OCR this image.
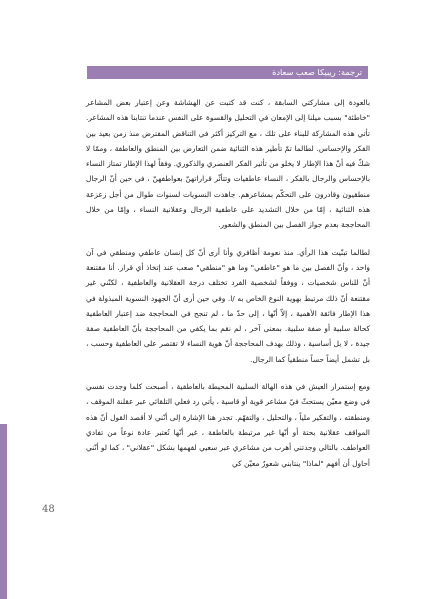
ترجمة: ريبيكا صعب سعادة

بالعودة إلى مشاركتي السابقة ، كنت قد كتبت عن الهشاشة وعن إعتبار بعض المشاعر "خاطئة" بسبب ميلنا إلى الإمعان في التحليل والقسوة على النفس عندما تنتابنا هذه المشاعر. تأتي هذه المشاركة للبناء على تلك ، مع التركيز أكثر في التناقض المفترض منذ زمن بعيد بين الفكر والإحساس. لطالما تمّ تأطير هذه الثنائية ضمن التعارض بين المنطق والعاطفة ، وممّا لا شكّ فيه أنّ هذا الإطار لا يخلو من تأثير الفكر العنصري والذكوري. وفقاً لهذا الإطار تمتاز النساء بالإحساس والرجال بالفكر ، النساء عاطفيات وتتأثّر قراراتهنّ بعواطفهنّ ، في حين أنّ الرجال منطقيون وقادرون على التحكّم بمشاعرهم. جاهدت النسويات لسنوات طوال من أجل زعزعة هذه الثنائية ، إمّا من خلال التشديد على عاطفية الرجال وعقلانية النساء ، وإمّا من خلال المحاججة بعدم جواز الفصل بين المنطق والشعور.

لطالما تبنّيت هذا الرأي. منذ نعومة أظافري وأنا أرى أنّ كل إنسان عاطفي ومنطقي في آن واحد ، وأنّ الفصل بين ما هو "عاطفي" وما هو "منطقي" صعب عند إتخاذ أي قرار. أنا مقتنعة أنّ للناس شخصيات ، ووفقاً لشخصية الفرد تختلف درجة العقلانية والعاطفية ، لكنّني غير مقتنعة أنّ ذلك مرتبط بهوية النوع الخاص به /ا. وفي حين أرى أنّ الجهود النسوية المبذولة في هذا الإطار فائقة الأهمية ، إلاّ أنّها ، إلى حدّ ما ، لم تنجح في المحاججة ضد إعتبار العاطفية كحالة سلبية أو صفة سلبية. بمعنى آخر ، لم نقم بما يكفي من المحاججة بأنّ العاطفية صفة جيدة ، لا بل أساسية ، وذلك بهدف المحاججة أنّ هوية النساء لا تقتصر على العاطفية وحسب ، بل تشمل أيضاً حساً منطقياً كما الرجال.

ومع إستمرار العيش في هذه الهالة السلبية المحيطة بالعاطفية ، أصبحت كلما وجدت نفسي في وضع معيّن يستحثّ فيّ مشاعر قوية أو قاسية ، يأتي رد فعلي التلقائي عبر عقلنة الموقف ، ومنطقته ، والتفكير ملياً ، والتحليل ، والتفهّم. تجدر هنا الإشارة إلى أنّني لا أقصد القول أنّ هذه المواقف عقلانية بحتة أو أنّها غير مرتبطة بالعاطفة ، غير أنّها تُعتبر عادة نوعاً من تفادي العواطف. بالتالي وجدتني أهرب من مشاعري عبر سعيي لفهمها بشكل "عقلاني" ، كما لو أنّني أحاول أن أفهم "لماذا" ينتابني شعورٌ معيّن كي

48
